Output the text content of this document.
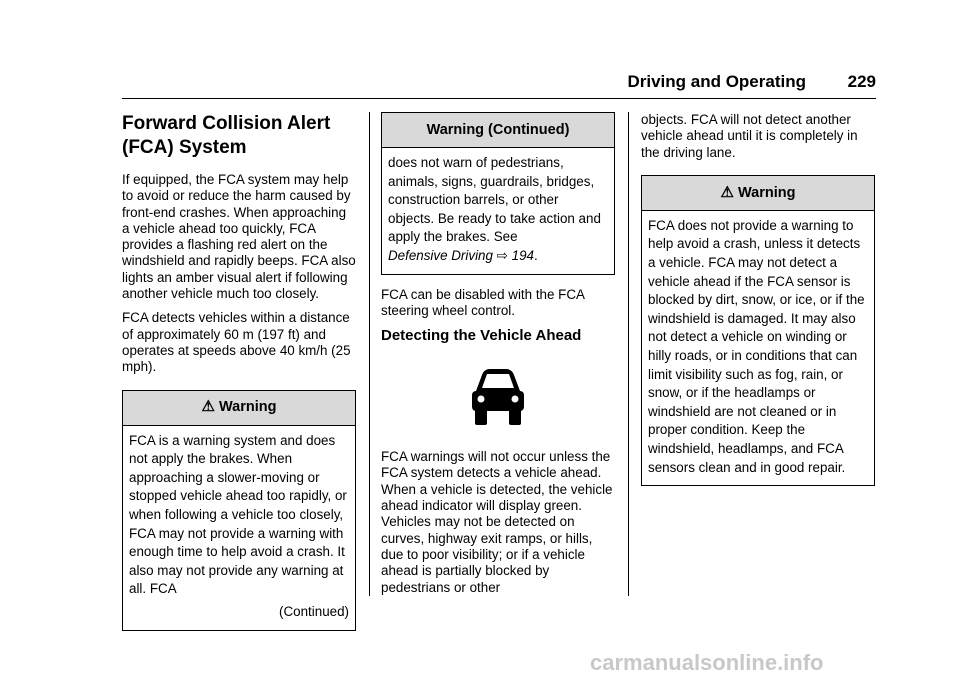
Driving and Operating 229
Forward Collision Alert (FCA) System

If equipped, the FCA system may help to avoid or reduce the harm caused by front-end crashes. When approaching a vehicle ahead too quickly, FCA provides a flashing red alert on the windshield and rapidly beeps. FCA also lights an amber visual alert if following another vehicle much too closely.

FCA detects vehicles within a distance of approximately 60 m (197 ft) and operates at speeds above 40 km/h (25 mph).

⚠ Warning
FCA is a warning system and does not apply the brakes. When approaching a slower-moving or stopped vehicle ahead too rapidly, or when following a vehicle too closely, FCA may not provide a warning with enough time to help avoid a crash. It also may not provide any warning at all. FCA
(Continued)
Warning (Continued)
does not warn of pedestrians, animals, signs, guardrails, bridges, construction barrels, or other objects. Be ready to take action and apply the brakes. See
Defensive Driving ⇨ 194.

FCA can be disabled with the FCA steering wheel control.

Detecting the Vehicle Ahead

FCA warnings will not occur unless the FCA system detects a vehicle ahead. When a vehicle is detected, the vehicle ahead indicator will display green. Vehicles may not be detected on curves, highway exit ramps, or hills, due to poor visibility; or if a vehicle ahead is partially blocked by pedestrians or other

objects. FCA will not detect another vehicle ahead until it is completely in the driving lane.

⚠ Warning
FCA does not provide a warning to help avoid a crash, unless it detects a vehicle. FCA may not detect a vehicle ahead if the FCA sensor is blocked by dirt, snow, or ice, or if the windshield is damaged. It may also not detect a vehicle on winding or hilly roads, or in conditions that can limit visibility such as fog, rain, or snow, or if the headlamps or windshield are not cleaned or in proper condition. Keep the windshield, headlamps, and FCA sensors clean and in good repair.
carmanualsonline.info
